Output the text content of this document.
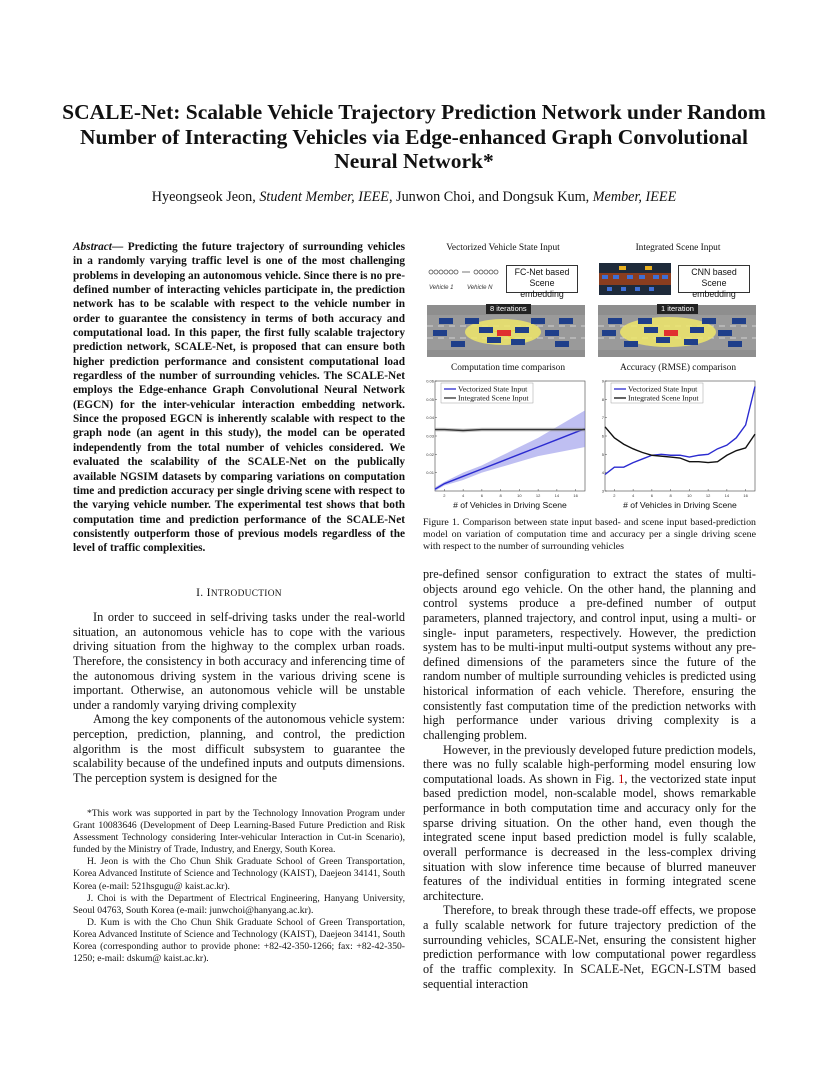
SCALE-Net: Scalable Vehicle Trajectory Prediction Network under Random Number of Interacting Vehicles via Edge-enhanced Graph Convolutional Neural Network*
Hyeongseok Jeon, Student Member, IEEE, Junwon Choi, and Dongsuk Kum, Member, IEEE
Abstract— Predicting the future trajectory of surrounding vehicles in a randomly varying traffic level is one of the most challenging problems in developing an autonomous vehicle. Since there is no pre-defined number of interacting vehicles participate in, the prediction network has to be scalable with respect to the vehicle number in order to guarantee the consistency in terms of both accuracy and computational load. In this paper, the first fully scalable trajectory prediction network, SCALE-Net, is proposed that can ensure both higher prediction performance and consistent computational load regardless of the number of surrounding vehicles. The SCALE-Net employs the Edge-enhance Graph Convolutional Neural Network (EGCN) for the inter-vehicular interaction embedding network. Since the proposed EGCN is inherently scalable with respect to the graph node (an agent in this study), the model can be operated independently from the total number of vehicles considered. We evaluated the scalability of the SCALE-Net on the publically available NGSIM datasets by comparing variations on computation time and prediction accuracy per single driving scene with respect to the varying vehicle number. The experimental test shows that both computation time and prediction performance of the SCALE-Net consistently outperform those of previous models regardless of the level of traffic complexities.
I. INTRODUCTION

In order to succeed in self-driving tasks under the real-world situation, an autonomous vehicle has to cope with the various driving situation from the highway to the complex urban roads. Therefore, the consistency in both accuracy and inferencing time of the autonomous driving system in the various driving scene is important. Otherwise, an autonomous vehicle will be unstable under a randomly varying driving complexity

Among the key components of the autonomous vehicle system: perception, prediction, planning, and control, the prediction algorithm is the most difficult subsystem to guarantee the scalability because of the undefined inputs and outputs dimensions. The perception system is designed for the

*This work was supported in part by the Technology Innovation Program under Grant 10083646 (Development of Deep Learning-Based Future Prediction and Risk Assessment Technology considering Inter-vehicular Interaction in Cut-in Scenario), funded by the Ministry of Trade, Industry, and Energy, South Korea.

H. Jeon is with the Cho Chun Shik Graduate School of Green Transportation, Korea Advanced Institute of Science and Technology (KAIST), Daejeon 34141, South Korea (e-mail: 521hsgugu@ kaist.ac.kr).

J. Choi is with the Department of Electrical Engineering, Hanyang University, Seoul 04763, South Korea (e-mail: junwchoi@hanyang.ac.kr).

D. Kum is with the Cho Chun Shik Graduate School of Green Transportation, Korea Advanced Institute of Science and Technology (KAIST), Daejeon 34141, South Korea (corresponding author to provide phone: +82-42-350-1266; fax: +82-42-350-1250; e-mail: dskum@ kaist.ac.kr).

Vectorized Vehicle State Input	Integrated Scene Input
Vehicle 1 Vehicle N
FC-Net based
Scene embedding
CNN based
Scene embedding
8 iterations	1 iteration
Computation time comparison	Accuracy (RMSE) comparison
0.01
0.02
0.03
0.04
0.05
0.06
2	4	6	8	10	12	14	16
Vectorized State Input
Integrated Scene Input
# of Vehicles in Driving Scene
3
4
5
6
7
8
9
2	4	6	8	10	12	14	16
Vectorized State Input
Integrated Scene Input
# of Vehicles in Driving Scene
Figure 1. Comparison between state input based- and scene input based-prediction model on variation of computation time and accuracy per a single driving scene with respect to the number of surrounding vehicles

pre-defined sensor configuration to extract the states of multi-objects around ego vehicle. On the other hand, the planning and control systems produce a pre-defined number of output parameters, planned trajectory, and control input, using a multi- or single- input parameters, respectively. However, the prediction system has to be multi-input multi-output systems without any pre-defined dimensions of the parameters since the future of the random number of multiple surrounding vehicles is predicted using historical information of each vehicle. Therefore, ensuring the consistently fast computation time of the prediction networks with high performance under various driving complexity is a challenging problem.

However, in the previously developed future prediction models, there was no fully scalable high-performing model ensuring low computational loads. As shown in Fig. 1, the vectorized state input based prediction model, non-scalable model, shows remarkable performance in both computation time and accuracy only for the sparse driving situation. On the other hand, even though the integrated scene input based prediction model is fully scalable, overall performance is decreased in the less-complex driving situation with slow inference time because of blurred maneuver features of the individual entities in forming integrated scene architecture.

Therefore, to break through these trade-off effects, we propose a fully scalable network for future trajectory prediction of the surrounding vehicles, SCALE-Net, ensuring the consistent higher prediction performance with low computational power regardless of the traffic complexity. In SCALE-Net, EGCN-LSTM based sequential interaction
